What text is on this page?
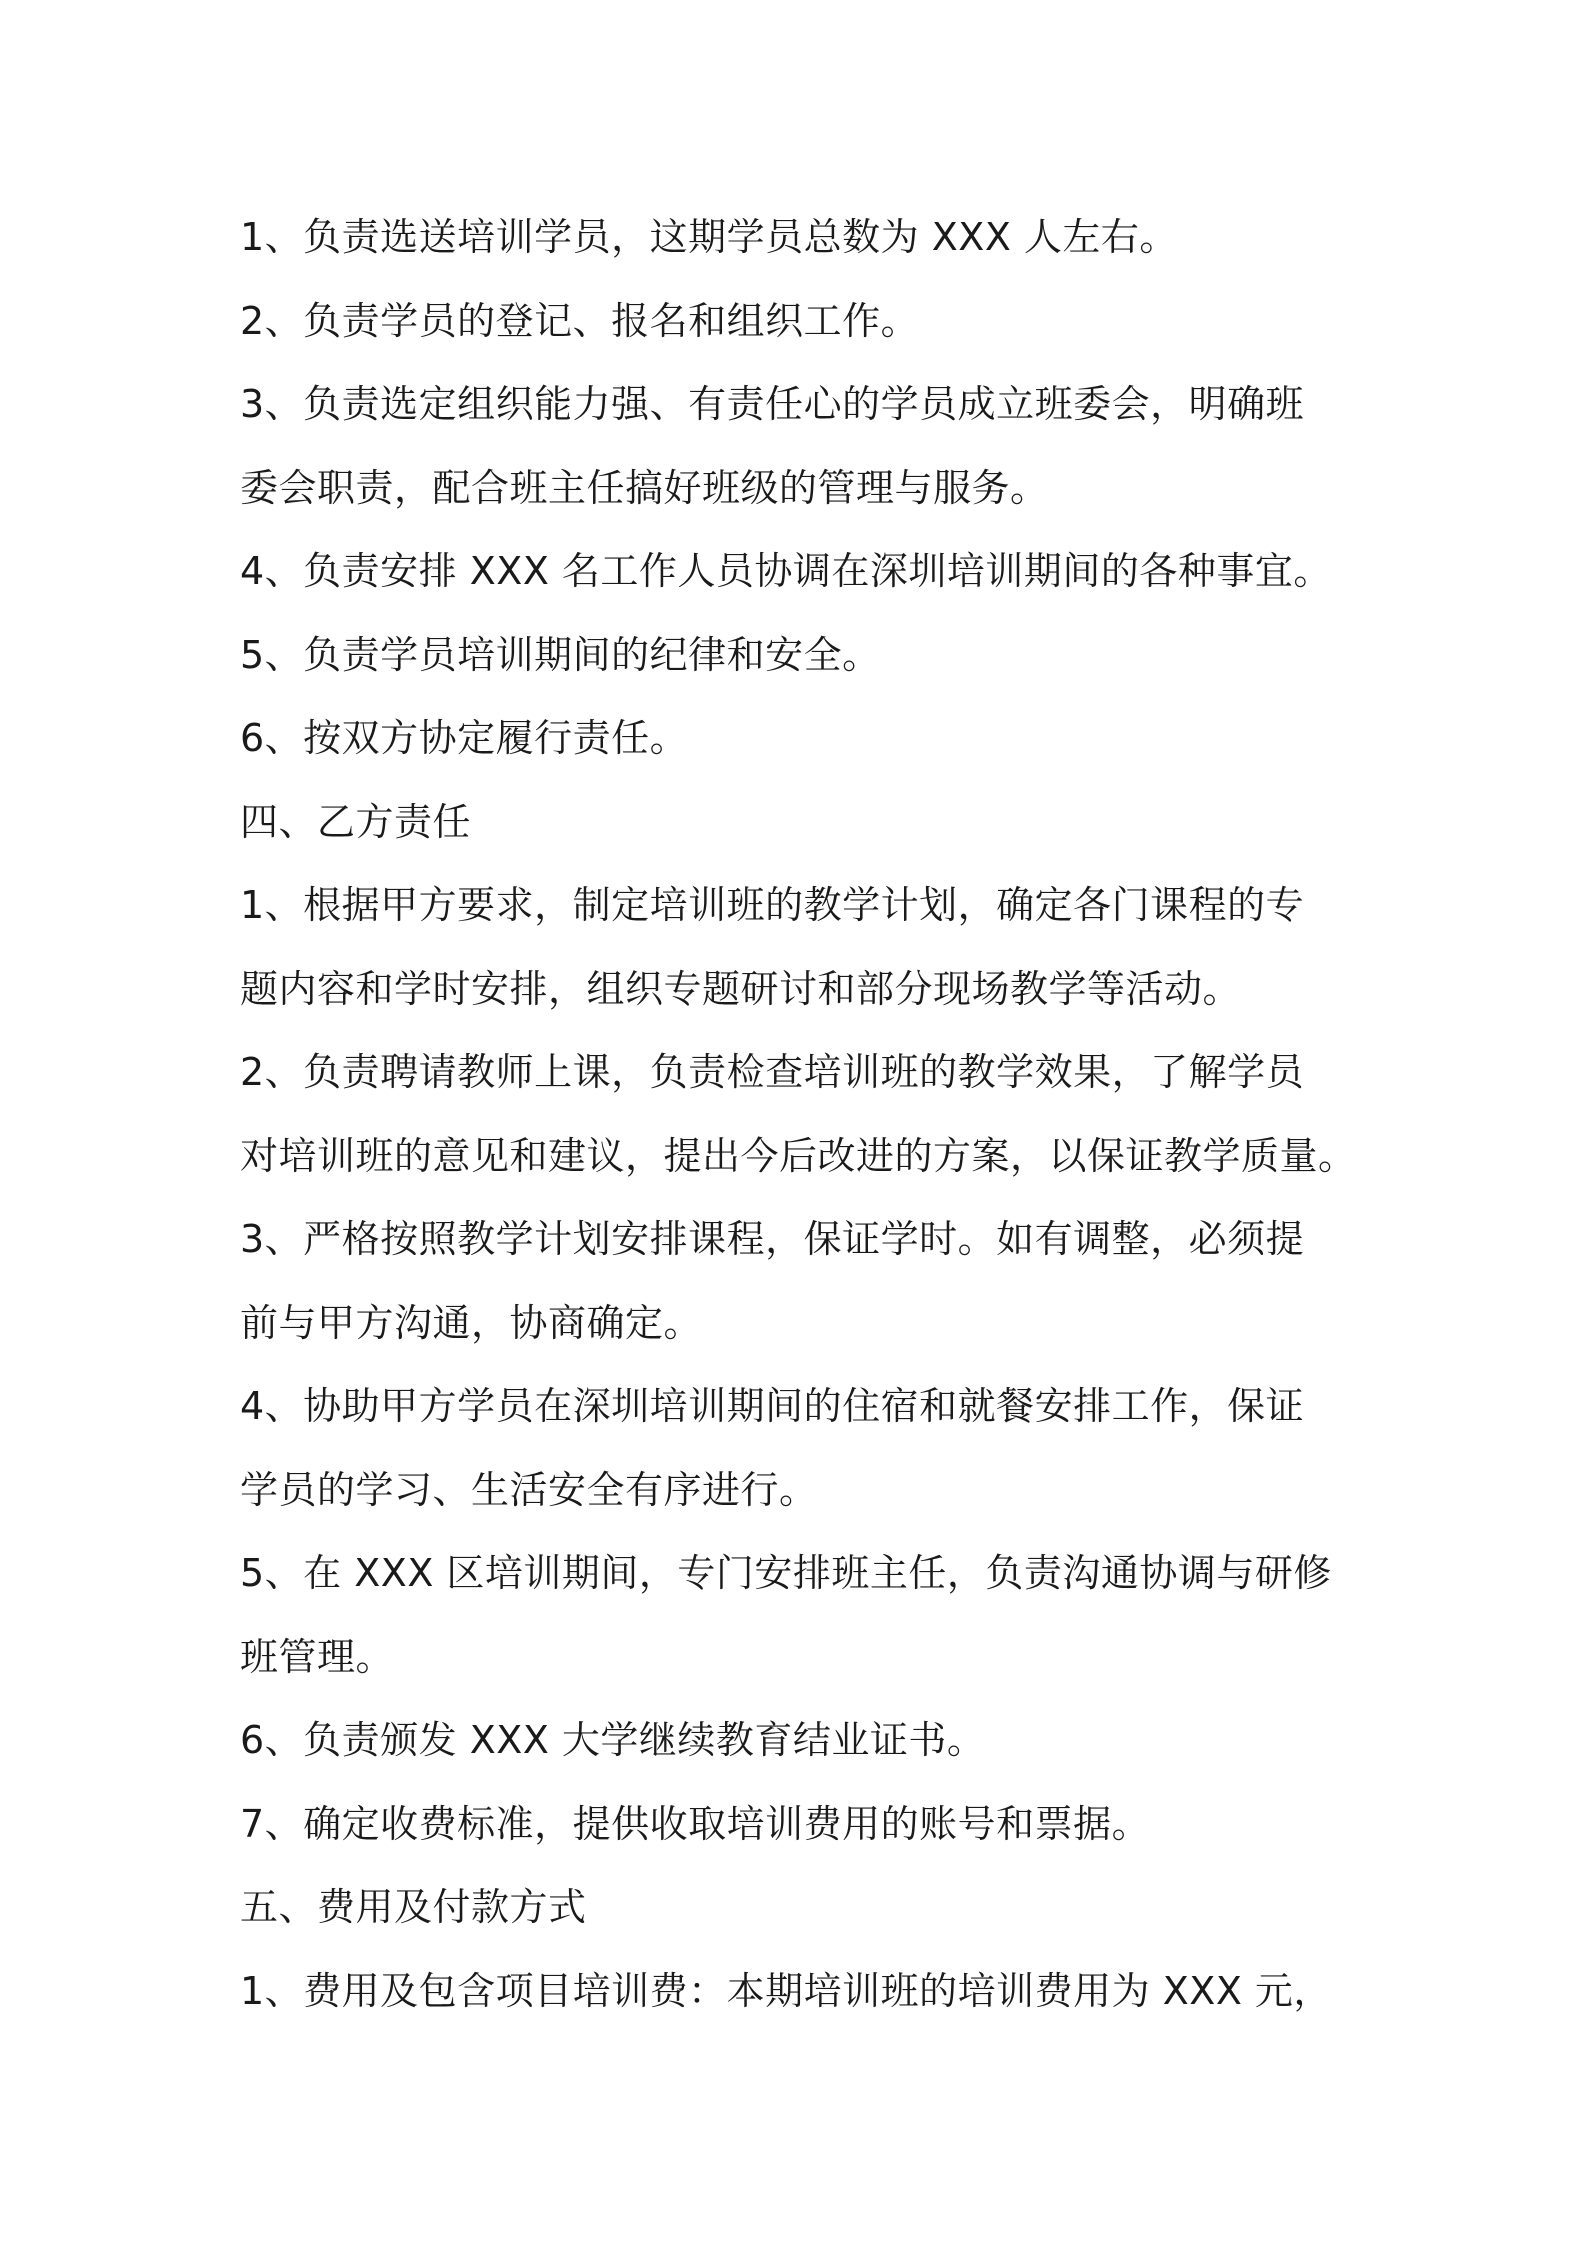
1、负责选送培训学员，这期学员总数为 XXX 人左右。
2、负责学员的登记、报名和组织工作。
3、负责选定组织能力强、有责任心的学员成立班委会，明确班
委会职责，配合班主任搞好班级的管理与服务。
4、负责安排 XXX 名工作人员协调在深圳培训期间的各种事宜。
5、负责学员培训期间的纪律和安全。
6、按双方协定履行责任。
四、乙方责任
1、根据甲方要求，制定培训班的教学计划，确定各门课程的专
题内容和学时安排，组织专题研讨和部分现场教学等活动。
2、负责聘请教师上课，负责检查培训班的教学效果，了解学员
对培训班的意见和建议，提出今后改进的方案，以保证教学质量。
3、严格按照教学计划安排课程，保证学时。如有调整，必须提
前与甲方沟通，协商确定。
4、协助甲方学员在深圳培训期间的住宿和就餐安排工作，保证
学员的学习、生活安全有序进行。
5、在 XXX 区培训期间，专门安排班主任，负责沟通协调与研修
班管理。
6、负责颁发 XXX 大学继续教育结业证书。
7、确定收费标准，提供收取培训费用的账号和票据。
五、费用及付款方式
1、费用及包含项目培训费：本期培训班的培训费用为 XXX 元，
